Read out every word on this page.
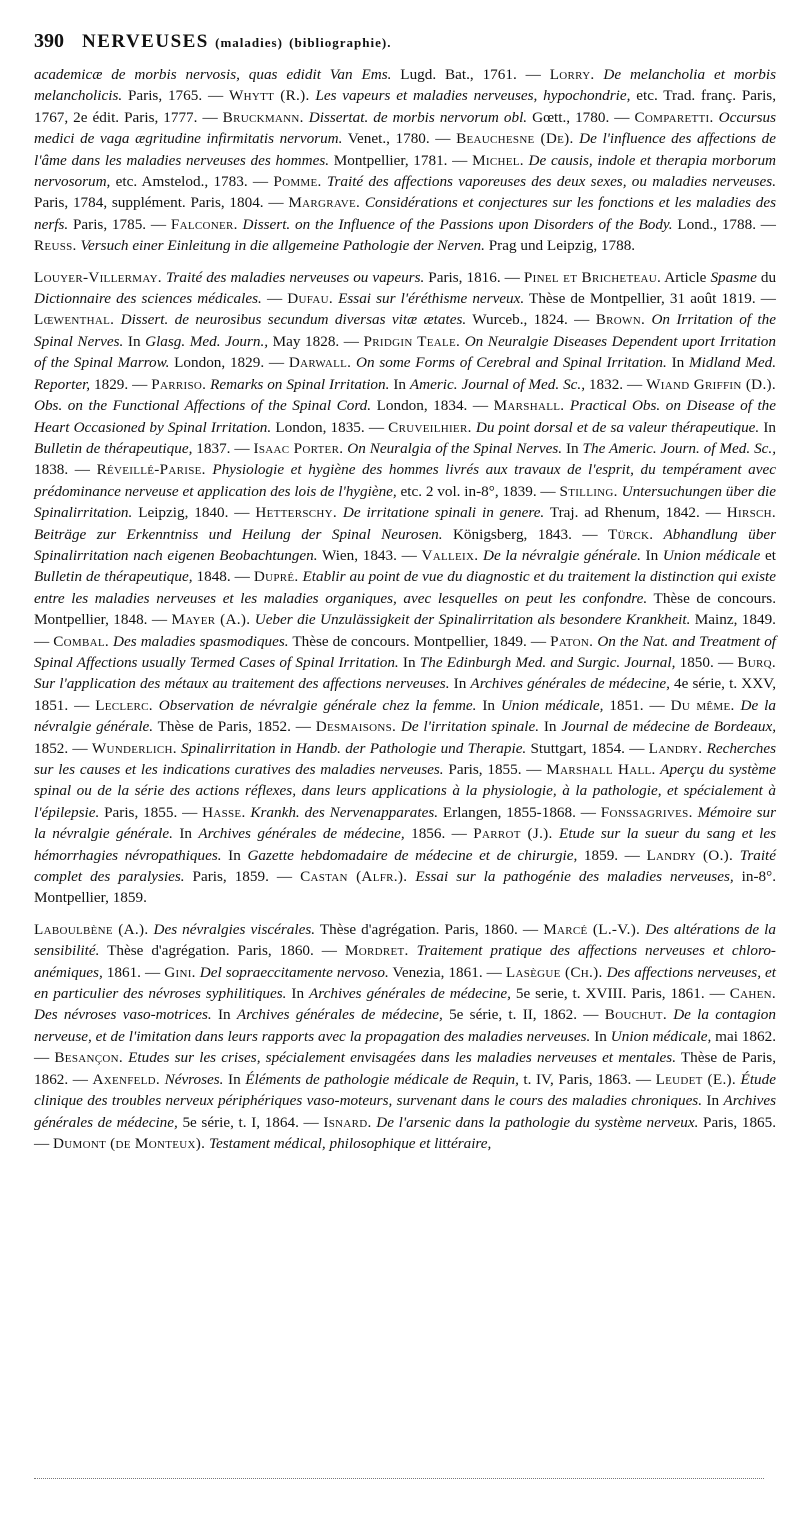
390 NERVEUSES (maladies) (bibliographie).

academicæ de morbis nervosis, quas edidit Van Ems. Lugd. Bat., 1761. — Lorry. De melancholia et morbis melancholicis. Paris, 1765. — Whytt (R.). Les vapeurs et maladies nerveuses, hypochondrie, etc. Trad. franç. Paris, 1767, 2e édit. Paris, 1777. — Bruckmann. Dissertat. de morbis nervorum obl. Gœtt., 1780. — Comparetti. Occursus medici de vaga ægritudine infirmitatis nervorum. Venet., 1780. — Beauchesne (De). De l'influence des affections de l'âme dans les maladies nerveuses des hommes. Montpellier, 1781. — Michel. De causis, indole et therapia morborum nervosorum, etc. Amstelod., 1783. — Pomme. Traité des affections vaporeuses des deux sexes, ou maladies nerveuses. Paris, 1784, supplément. Paris, 1804. — Margrave. Considérations et conjectures sur les fonctions et les maladies des nerfs. Paris, 1785. — Falconer. Dissert. on the Influence of the Passions upon Disorders of the Body. Lond., 1788. — Reuss. Versuch einer Einleitung in die allgemeine Pathologie der Nerven. Prag und Leipzig, 1788.

Louyer-Villermay. Traité des maladies nerveuses ou vapeurs. Paris, 1816. — Pinel et Bricheteau. Article Spasme du Dictionnaire des sciences médicales. — Dufau. Essai sur l'éréthisme nerveux. Thèse de Montpellier, 31 août 1819. — Lœwenthal. Dissert. de neurosibus secundum diversas vitæ ætates. Wurceb., 1824. — Brown. On Irritation of the Spinal Nerves. In Glasg. Med. Journ., May 1828. — Pridgin Teale. On Neuralgie Diseases Dependent uport Irritation of the Spinal Marrow. London, 1829. — Darwall. On some Forms of Cerebral and Spinal Irritation. In Midland Med. Reporter, 1829. — Parriso. Remarks on Spinal Irritation. In Americ. Journal of Med. Sc., 1832. — Wiand Griffin (D.). Obs. on the Functional Affections of the Spinal Cord. London, 1834. — Marshall. Practical Obs. on Disease of the Heart Occasioned by Spinal Irritation. London, 1835. — Cruveilhier. Du point dorsal et de sa valeur thérapeutique. In Bulletin de thérapeutique, 1837. — Isaac Porter. On Neuralgia of the Spinal Nerves. In The Americ. Journ. of Med. Sc., 1838. — Réveillé-Parise. Physiologie et hygiène des hommes livrés aux travaux de l'esprit, du tempérament avec prédominance nerveuse et application des lois de l'hygiène, etc. 2 vol. in-8°, 1839. — Stilling. Untersuchungen über die Spinalirritation. Leipzig, 1840. — Hetterschy. De irritatione spinali in genere. Traj. ad Rhenum, 1842. — Hirsch. Beiträge zur Erkenntniss und Heilung der Spinal Neurosen. Königsberg, 1843. — Türck. Abhandlung über Spinalirritation nach eigenen Beobachtungen. Wien, 1843. — Valleix. De la névralgie générale. In Union médicale et Bulletin de thérapeutique, 1848. — Dupré. Etablir au point de vue du diagnostic et du traitement la distinction qui existe entre les maladies nerveuses et les maladies organiques, avec lesquelles on peut les confondre. Thèse de concours. Montpellier, 1848. — Mayer (A.). Ueber die Unzulässigkeit der Spinalirritation als besondere Krankheit. Mainz, 1849. — Combal. Des maladies spasmodiques. Thèse de concours. Montpellier, 1849. — Paton. On the Nat. and Treatment of Spinal Affections usually Termed Cases of Spinal Irritation. In The Edinburgh Med. and Surgic. Journal, 1850. — Burq. Sur l'application des métaux au traitement des affections nerveuses. In Archives générales de médecine, 4e série, t. XXV, 1851. — Leclerc. Observation de névralgie générale chez la femme. In Union médicale, 1851. — Du même. De la névralgie générale. Thèse de Paris, 1852. — Desmaisons. De l'irritation spinale. In Journal de médecine de Bordeaux, 1852. — Wunderlich. Spinalirritation in Handb. der Pathologie und Therapie. Stuttgart, 1854. — Landry. Recherches sur les causes et les indications curatives des maladies nerveuses. Paris, 1855. — Marshall Hall. Aperçu du système spinal ou de la série des actions réflexes, dans leurs applications à la physiologie, à la pathologie, et spécialement à l'épilepsie. Paris, 1855. — Hasse. Krankh. des Nervenapparates. Erlangen, 1855-1868. — Fonssagrives. Mémoire sur la névralgie générale. In Archives générales de médecine, 1856. — Parrot (J.). Etude sur la sueur du sang et les hémorrhagies névropathiques. In Gazette hebdomadaire de médecine et de chirurgie, 1859. — Landry (O.). Traité complet des paralysies. Paris, 1859. — Castan (Alfr.). Essai sur la pathogénie des maladies nerveuses, in-8°. Montpellier, 1859.

Laboulbène (A.). Des névralgies viscérales. Thèse d'agrégation. Paris, 1860. — Marcé (L.-V.). Des altérations de la sensibilité. Thèse d'agrégation. Paris, 1860. — Mordret. Traitement pratique des affections nerveuses et chloro-anémiques, 1861. — Gini. Del sopraeccitamente nervoso. Venezia, 1861. — Lasègue (Ch.). Des affections nerveuses, et en particulier des névroses syphilitiques. In Archives générales de médecine, 5e serie, t. XVIII. Paris, 1861. — Cahen. Des névroses vaso-motrices. In Archives générales de médecine, 5e série, t. II, 1862. — Bouchut. De la contagion nerveuse, et de l'imitation dans leurs rapports avec la propagation des maladies nerveuses. In Union médicale, mai 1862. — Besançon. Etudes sur les crises, spécialement envisagées dans les maladies nerveuses et mentales. Thèse de Paris, 1862. — Axenfeld. Névroses. In Éléments de pathologie médicale de Requin, t. IV, Paris, 1863. — Leudet (E.). Étude clinique des troubles nerveux périphériques vaso-moteurs, survenant dans le cours des maladies chroniques. In Archives générales de médecine, 5e série, t. I, 1864. — Isnard. De l'arsenic dans la pathologie du système nerveux. Paris, 1865. — Dumont (de Monteux). Testament médical, philosophique et littéraire,
